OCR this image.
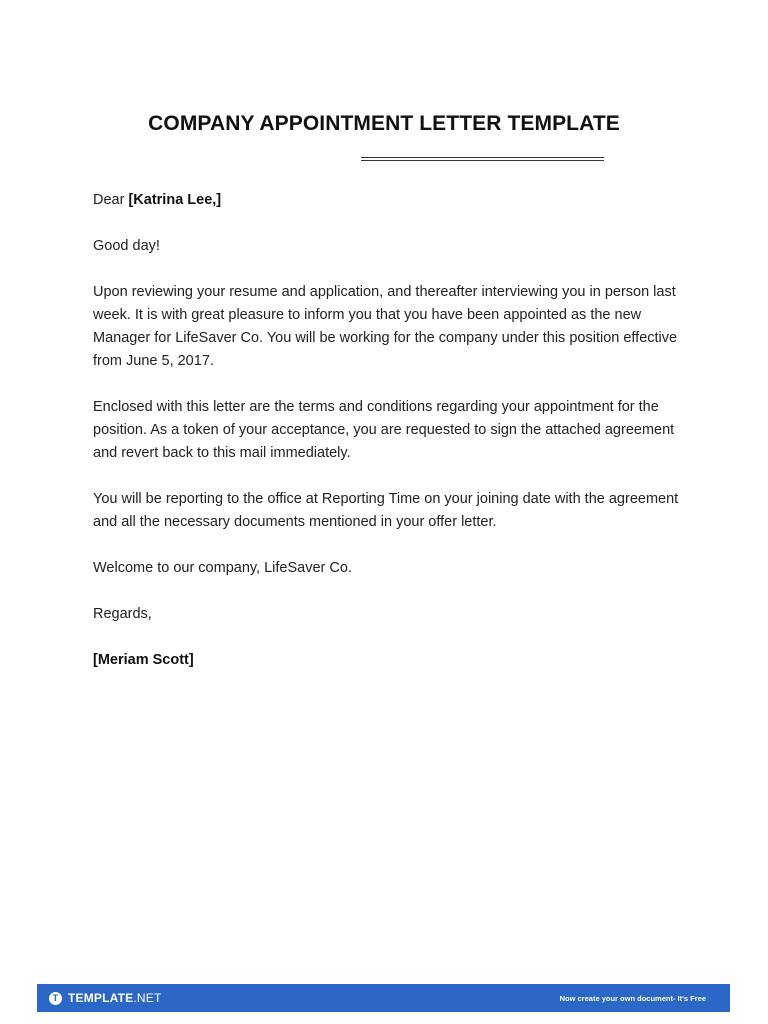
COMPANY APPOINTMENT LETTER TEMPLATE

Dear [Katrina Lee,]

Good day!

Upon reviewing your resume and application, and thereafter interviewing you in person last week. It is with great pleasure to inform you that you have been appointed as the new Manager for LifeSaver Co. You will be working for the company under this position effective from June 5, 2017.

Enclosed with this letter are the terms and conditions regarding your appointment for the position. As a token of your acceptance, you are requested to sign the attached agreement and revert back to this mail immediately.

You will be reporting to the office at Reporting Time on your joining date with the agreement and all the necessary documents mentioned in your offer letter.

Welcome to our company, LifeSaver Co.

Regards,

[Meriam Scott]

T TEMPLATE.NET	Now create your own document- It's Free
